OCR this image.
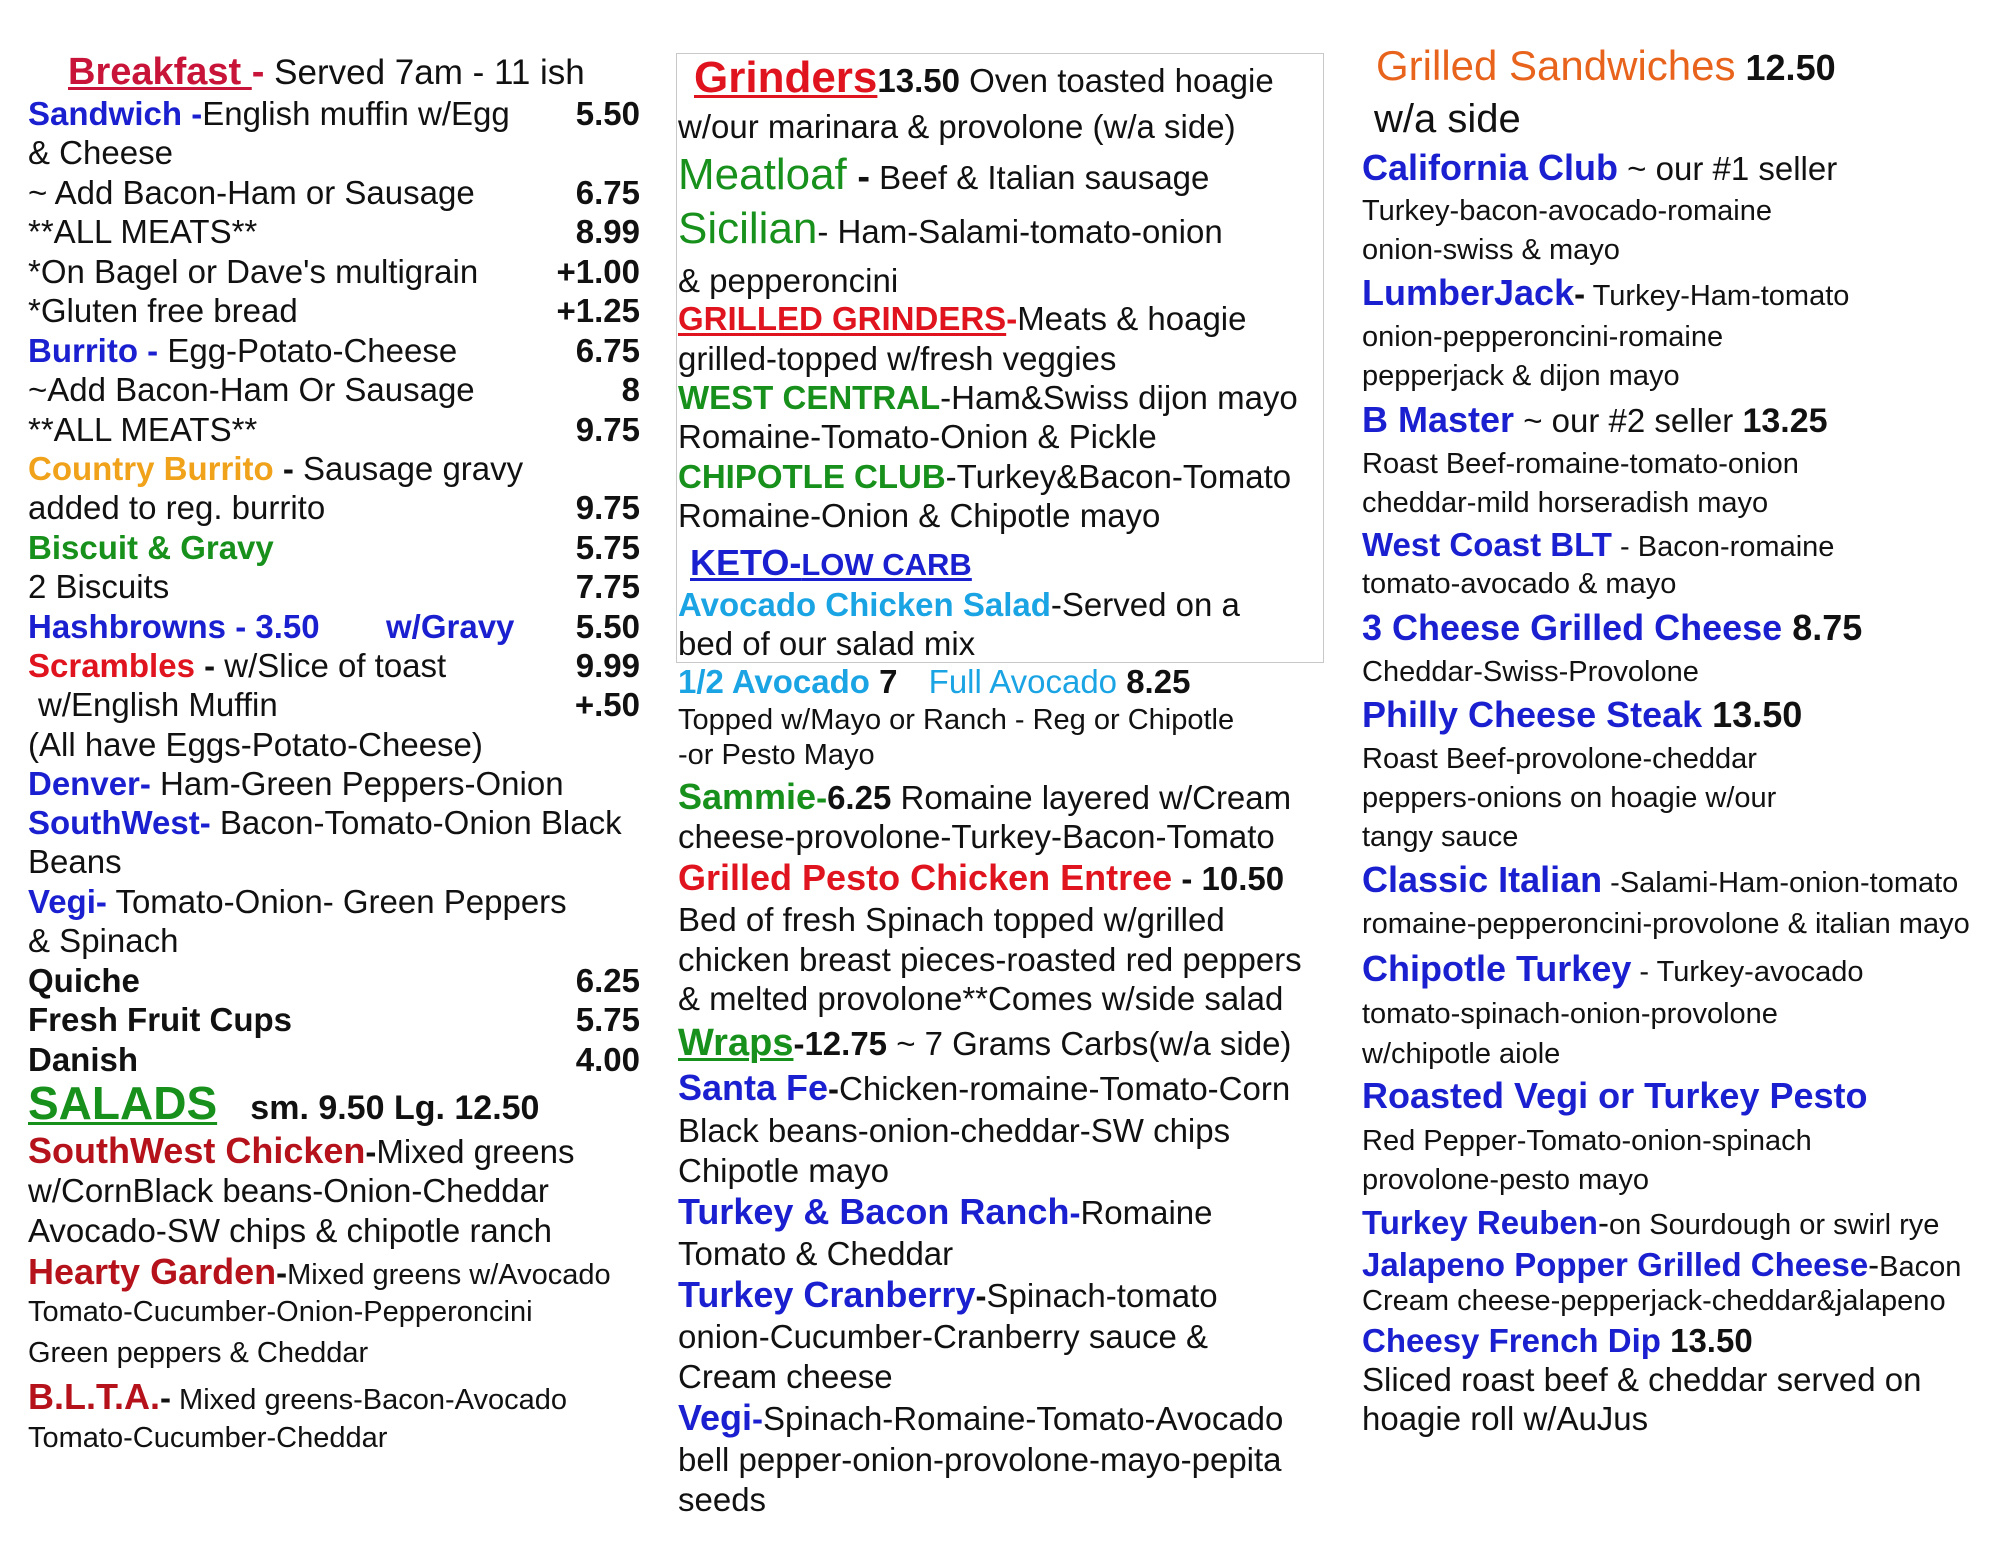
Breakfast - Served 7am - 11 ish
Sandwich -English muffin w/Egg 5.50
& Cheese
~ Add Bacon-Ham or Sausage	6.75
**ALL MEATS**	8.99
*On Bagel or Dave's multigrain +1.00
*Gluten free bread	+1.25
Burrito - Egg-Potato-Cheese	6.75
~Add Bacon-Ham Or Sausage	8
**ALL MEATS**	9.75
Country Burrito - Sausage gravy
added to reg. burrito	9.75
Biscuit & Gravy	5.75
2 Biscuits	7.75
Hashbrowns - 3.50 w/Gravy 5.50
Scrambles - w/Slice of toast	9.99
w/English Muffin	+.50
(All have Eggs-Potato-Cheese)
Denver- Ham-Green Peppers-Onion
SouthWest- Bacon-Tomato-Onion Black
Beans
Vegi- Tomato-Onion- Green Peppers
& Spinach
Quiche	6.25
Fresh Fruit Cups	5.75
Danish	4.00
SALADS sm. 9.50 Lg. 12.50
SouthWest Chicken-Mixed greens
w/CornBlack beans-Onion-Cheddar
Avocado-SW chips & chipotle ranch
Hearty Garden-Mixed greens w/Avocado
Tomato-Cucumber-Onion-Pepperoncini
Green peppers & Cheddar
B.L.T.A.- Mixed greens-Bacon-Avocado
Tomato-Cucumber-Cheddar
Grinders13.50 Oven toasted hoagie
w/our marinara & provolone (w/a side)
Meatloaf - Beef & Italian sausage
Sicilian- Ham-Salami-tomato-onion
& pepperoncini
GRILLED GRINDERS-Meats & hoagie
grilled-topped w/fresh veggies
WEST CENTRAL-Ham&Swiss dijon mayo
Romaine-Tomato-Onion & Pickle
CHIPOTLE CLUB-Turkey&Bacon-Tomato
Romaine-Onion & Chipotle mayo
KETO-LOW CARB
Avocado Chicken Salad-Served on a
bed of our salad mix
1/2 Avocado 7 Full Avocado 8.25
Topped w/Mayo or Ranch - Reg or Chipotle
-or Pesto Mayo
Sammie-6.25 Romaine layered w/Cream
cheese-provolone-Turkey-Bacon-Tomato
Grilled Pesto Chicken Entree - 10.50
Bed of fresh Spinach topped w/grilled
chicken breast pieces-roasted red peppers
& melted provolone**Comes w/side salad
Wraps-12.75 ~ 7 Grams Carbs(w/a side)
Santa Fe-Chicken-romaine-Tomato-Corn
Black beans-onion-cheddar-SW chips
Chipotle mayo
Turkey & Bacon Ranch-Romaine
Tomato & Cheddar
Turkey Cranberry-Spinach-tomato
onion-Cucumber-Cranberry sauce &
Cream cheese
Vegi-Spinach-Romaine-Tomato-Avocado
bell pepper-onion-provolone-mayo-pepita
seeds
Grilled Sandwiches 12.50
w/a side
California Club ~ our #1 seller
Turkey-bacon-avocado-romaine
onion-swiss & mayo
LumberJack- Turkey-Ham-tomato
onion-pepperoncini-romaine
pepperjack & dijon mayo
B Master ~ our #2 seller 13.25
Roast Beef-romaine-tomato-onion
cheddar-mild horseradish mayo
West Coast BLT - Bacon-romaine
tomato-avocado & mayo
3 Cheese Grilled Cheese 8.75
Cheddar-Swiss-Provolone
Philly Cheese Steak 13.50
Roast Beef-provolone-cheddar
peppers-onions on hoagie w/our
tangy sauce
Classic Italian -Salami-Ham-onion-tomato
romaine-pepperoncini-provolone & italian mayo
Chipotle Turkey - Turkey-avocado
tomato-spinach-onion-provolone
w/chipotle aiole
Roasted Vegi or Turkey Pesto
Red Pepper-Tomato-onion-spinach
provolone-pesto mayo
Turkey Reuben-on Sourdough or swirl rye
Jalapeno Popper Grilled Cheese-Bacon
Cream cheese-pepperjack-cheddar&jalapeno
Cheesy French Dip 13.50
Sliced roast beef & cheddar served on
hoagie roll w/AuJus
